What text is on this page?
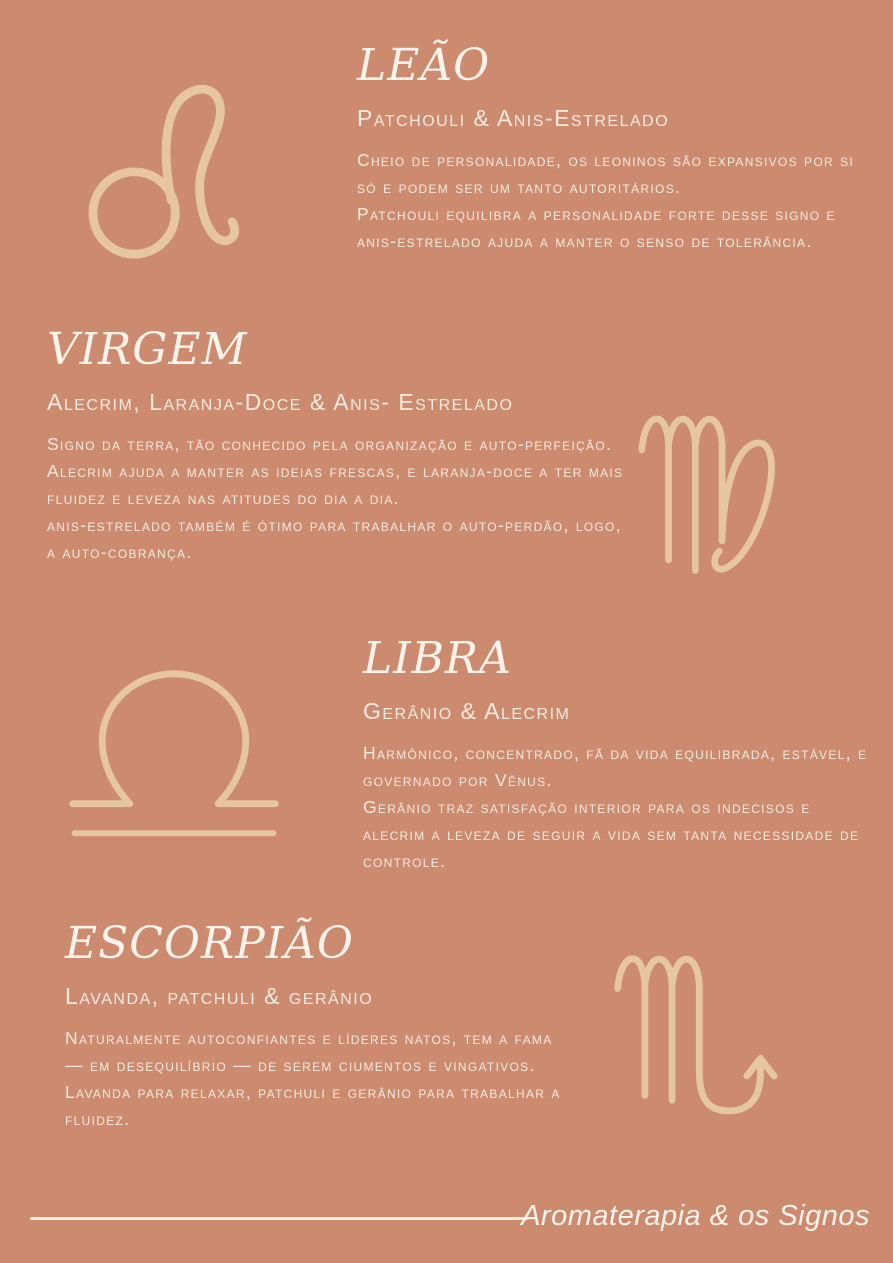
LEÃO
Patchouli & Anis-Estrelado

Cheio de personalidade, os leoninos são expansivos por si só e podem ser um tanto autoritários.

Patchouli equilibra a personalidade forte desse signo e anis-estrelado ajuda a manter o senso de tolerância.

VIRGEM
Alecrim, Laranja-Doce & Anis- Estrelado

Signo da terra, tão conhecido pela organização e auto-perfeição.

Alecrim ajuda a manter as ideias frescas, e laranja-doce a ter mais fluidez e leveza nas atitudes do dia a dia.

anis-estrelado também é ótimo para trabalhar o auto-perdão, logo, a auto-cobrança.

LIBRA
Gerânio & Alecrim

Harmônico, concentrado, fã da vida equilibrada, estável, e governado por Vênus.

Gerânio traz satisfação interior para os indecisos e alecrim a leveza de seguir a vida sem tanta necessidade de controle.

ESCORPIÃO
Lavanda, patchuli & gerânio

Naturalmente autoconfiantes e líderes natos, tem a fama — em desequilíbrio — de serem ciumentos e vingativos.

Lavanda para relaxar, patchuli e gerânio para trabalhar a fluidez.

Aromaterapia & os Signos
